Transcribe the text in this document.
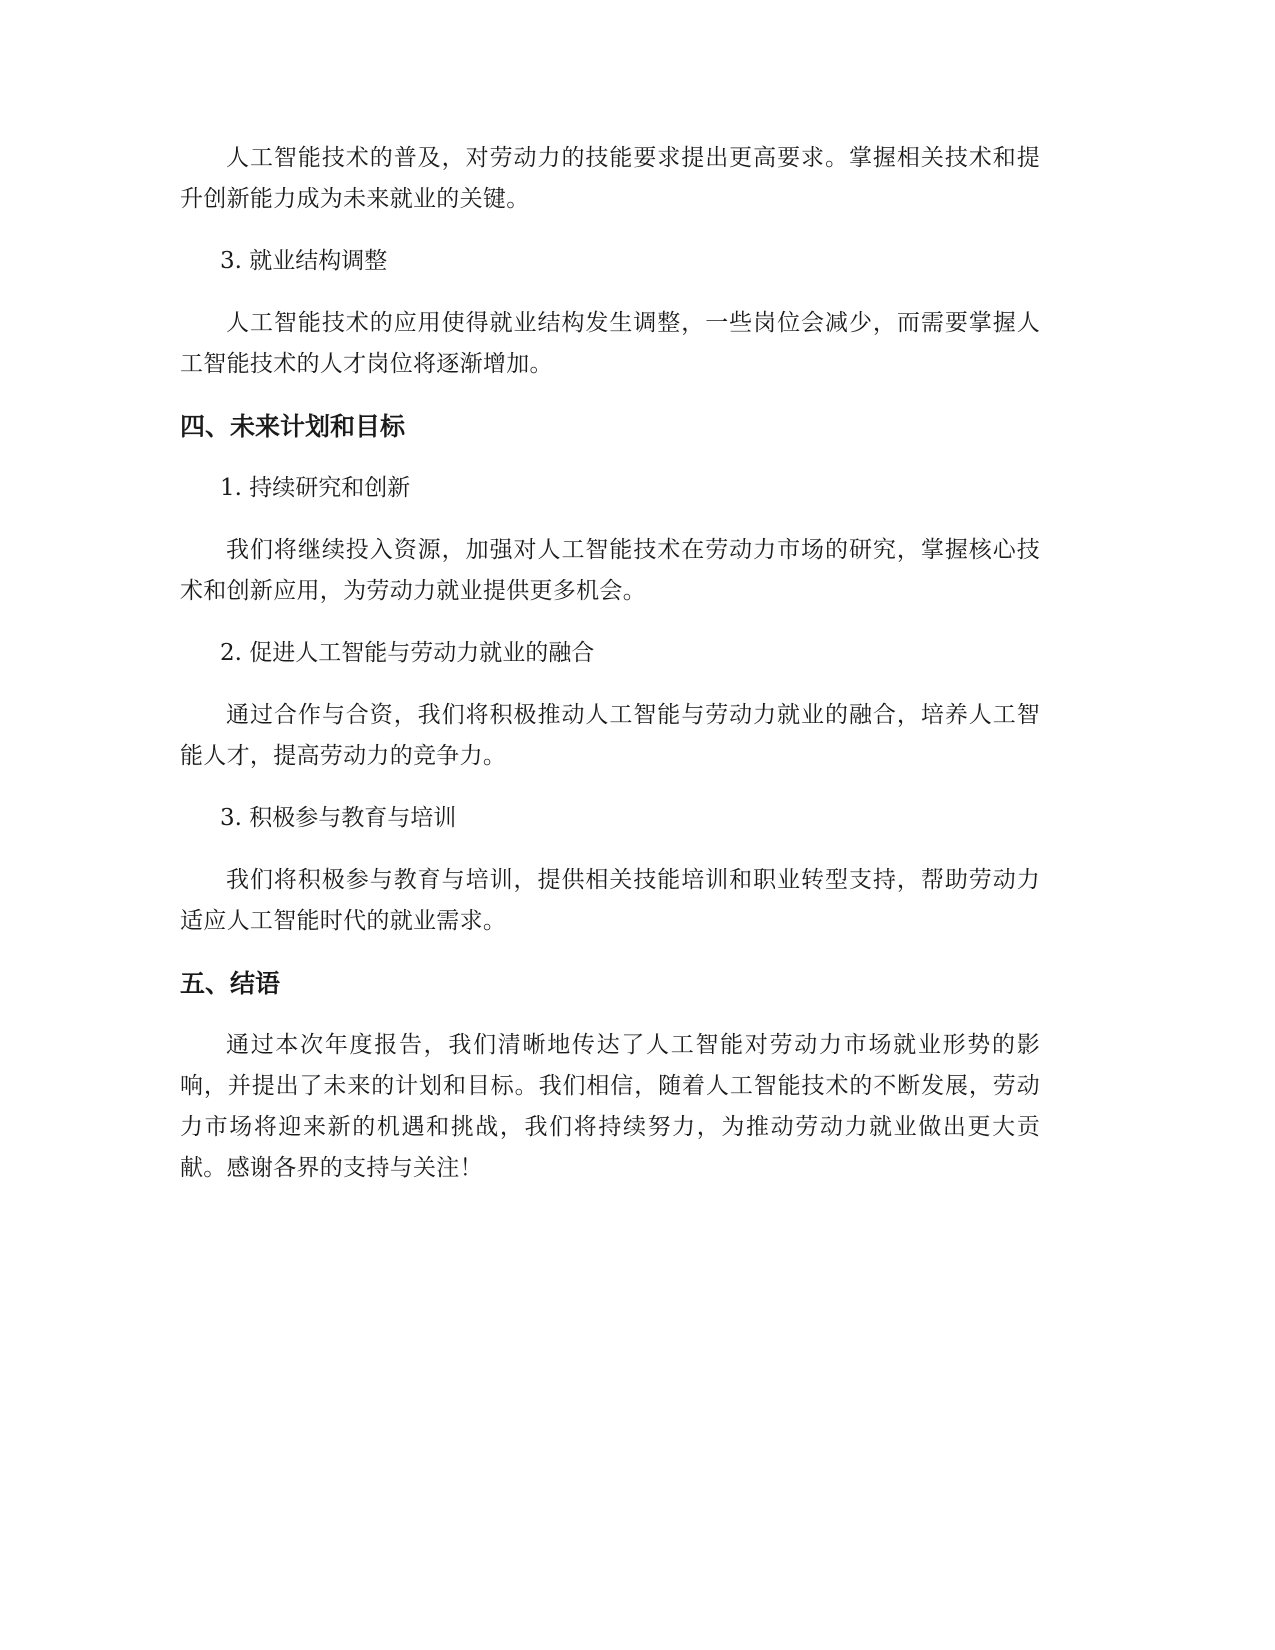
人工智能技术的普及，对劳动力的技能要求提出更高要求。掌握相关技术和提升创新能力成为未来就业的关键。

3. 就业结构调整

人工智能技术的应用使得就业结构发生调整，一些岗位会减少，而需要掌握人工智能技术的人才岗位将逐渐增加。

四、未来计划和目标

1. 持续研究和创新

我们将继续投入资源，加强对人工智能技术在劳动力市场的研究，掌握核心技术和创新应用，为劳动力就业提供更多机会。

2. 促进人工智能与劳动力就业的融合

通过合作与合资，我们将积极推动人工智能与劳动力就业的融合，培养人工智能人才，提高劳动力的竞争力。

3. 积极参与教育与培训

我们将积极参与教育与培训，提供相关技能培训和职业转型支持，帮助劳动力适应人工智能时代的就业需求。

五、结语

通过本次年度报告，我们清晰地传达了人工智能对劳动力市场就业形势的影响，并提出了未来的计划和目标。我们相信，随着人工智能技术的不断发展，劳动力市场将迎来新的机遇和挑战，我们将持续努力，为推动劳动力就业做出更大贡献。感谢各界的支持与关注！
